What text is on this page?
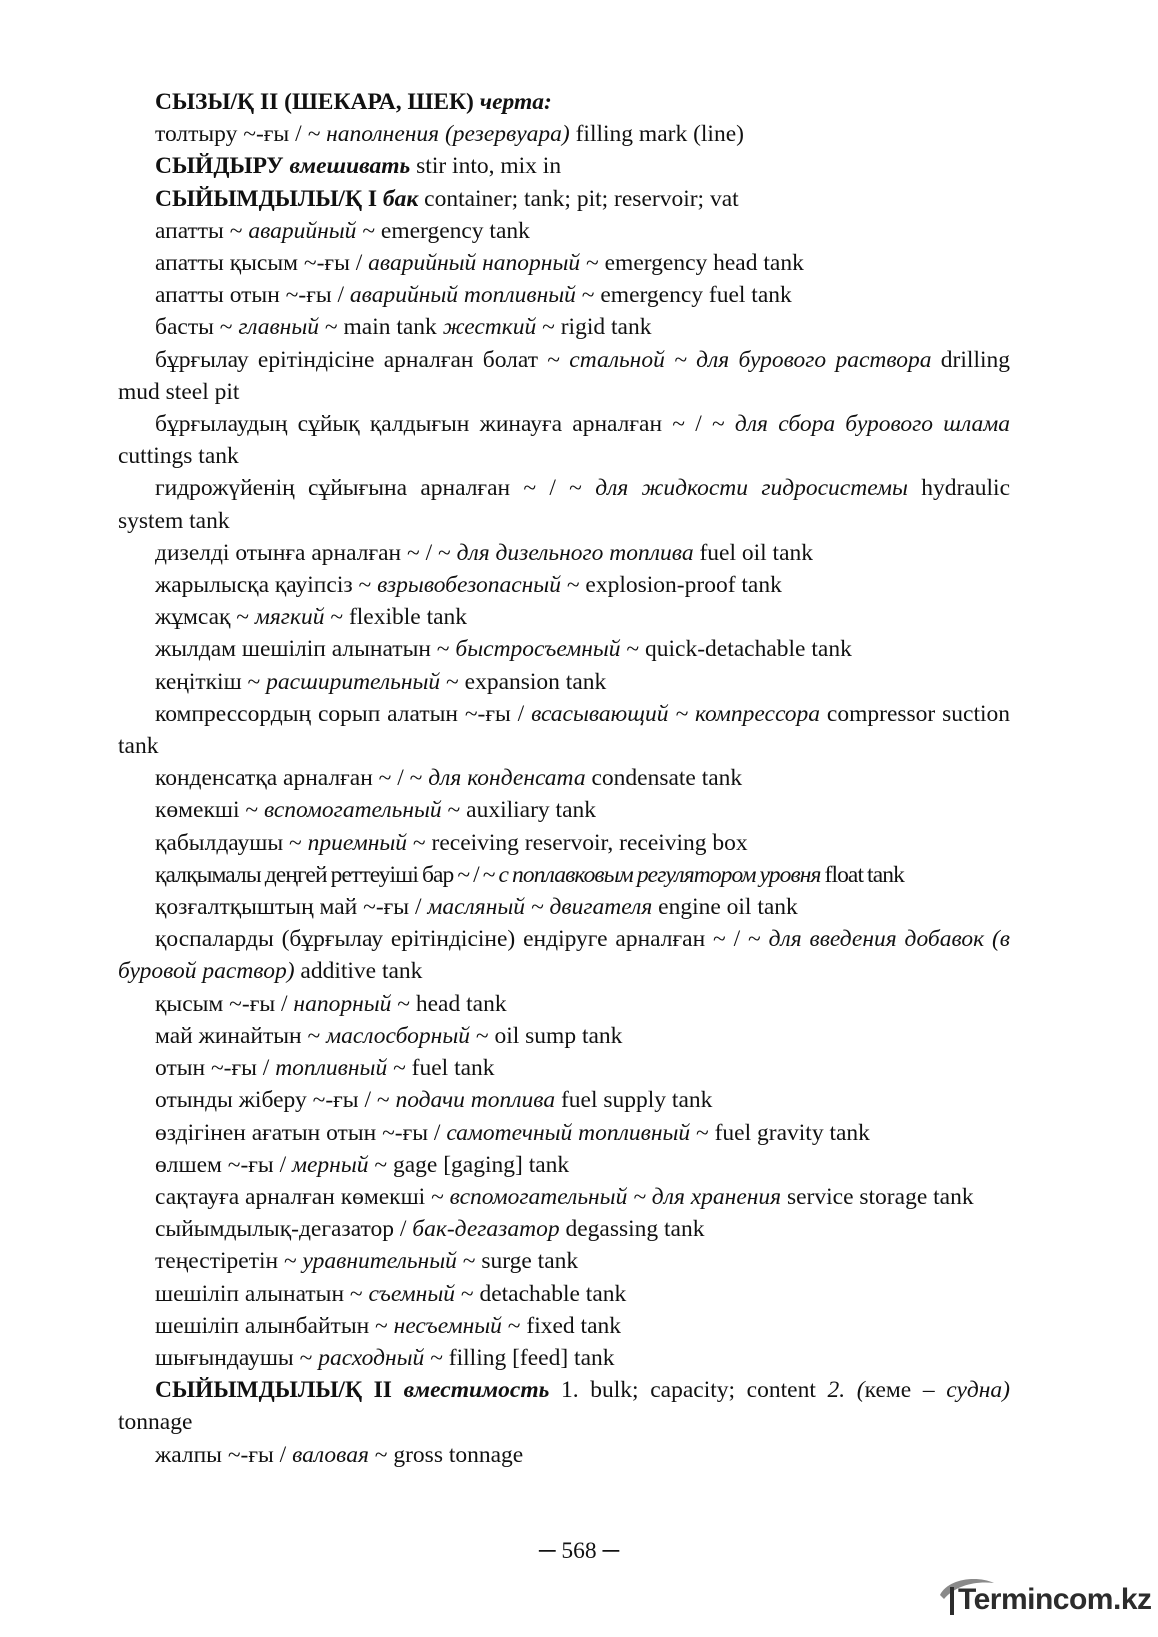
СЫЗЫ/Қ II (ШЕКАРА, ШЕК) черта:

толтыру ~-ғы / ~ наполнения (резервуара) filling mark (line)

СЫЙДЫРУ вмешивать stir into, mix in

СЫЙЫМДЫЛЫ/Қ I бак container; tank; pit; reservoir; vat

апатты ~ аварийный ~ emergency tank

апатты қысым ~-ғы / аварийный напорный ~ emergency head tank

апатты отын ~-ғы / аварийный топливный ~ emergency fuel tank

басты ~ главный ~ main tank жесткий ~ rigid tank

бұрғылау ерітіндісіне арналған болат ~ стальной ~ для бурового раствора drilling mud steel pit

бұрғылаудың сұйық қалдығын жинауға арналған ~ / ~ для сбора бурового шлама cuttings tank

гидрожүйенің сұйығына арналған ~ / ~ для жидкости гидросистемы hydraulic system tank

дизелді отынға арналған ~ / ~ для дизельного топлива fuel oil tank

жарылысқа қауіпсіз ~ взрывобезопасный ~ explosion-proof tank

жұмсақ ~ мягкий ~ flexible tank

жылдам шешіліп алынатын ~ быстросъемный ~ quick-detachable tank

кеңіткіш ~ расширительный ~ expansion tank

компрессордың сорып алатын ~-ғы / всасывающий ~ компрессора compressor suction tank

конденсатқа арналған ~ / ~ для конденсата condensate tank

көмекші ~ вспомогательный ~ auxiliary tank

қабылдаушы ~ приемный ~ receiving reservoir, receiving box

қалқымалы деңгей реттеуіші бар ~ / ~ с поплавковым регулятором уровня float tank

қозғалтқыштың май ~-ғы / масляный ~ двигателя engine oil tank

қоспаларды (бұрғылау ерітіндісіне) ендіруге арналған ~ / ~ для введения добавок (в буровой раствор) additive tank

қысым ~-ғы / напорный ~ head tank

май жинайтын ~ маслосборный ~ oil sump tank

отын ~-ғы / топливный ~ fuel tank

отынды жіберу ~-ғы / ~ подачи топлива fuel supply tank

өздігінен ағатын отын ~-ғы / самотечный топливный ~ fuel gravity tank

өлшем ~-ғы / мерный ~ gage [gaging] tank

сақтауға арналған көмекші ~ вспомогательный ~ для хранения service storage tank

сыйымдылық-дегазатор / бак-дегазатор degassing tank

теңестіретін ~ уравнительный ~ surge tank

шешіліп алынатын ~ съемный ~ detachable tank

шешіліп алынбайтын ~ несъемный ~ fixed tank

шығындаушы ~ расходный ~ filling [feed] tank

СЫЙЫМДЫЛЫ/Қ II вместимость 1. bulk; capacity; content 2. (кеме – судна) tonnage

жалпы ~-ғы / валовая ~ gross tonnage

─ 568 ─
Termincom.kz
